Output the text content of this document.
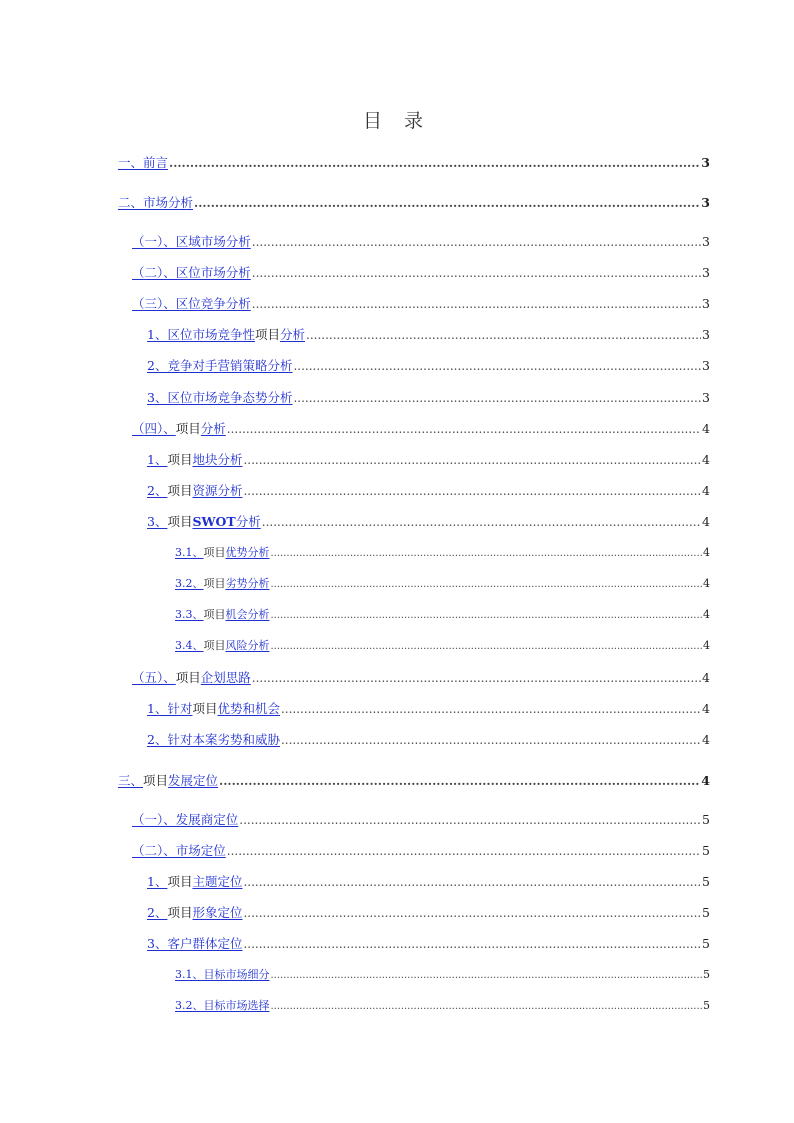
目 录
一、前言 .....	3
二、市场分析 .....	3
（一）、区域市场分析 .....	3
（二）、区位市场分析 .....	3
（三）、区位竞争分析 .....	3
1、区位市场竞争性 项目 分析 .....	3
2、竞争对手营销策略分析 .....	3
3、区位市场竞争态势分析 .....	3
（四）、 项目 分析 .....	4
1、 项目 地块分析 .....	4
2、 项目 资源分析 .....	4
3、 项目 SWOT 分析 .....	4
3.1、 项目 优势分析 .....	4
3.2、 项目 劣势分析 .....	4
3.3、 项目 机会分析 .....	4
3.4、 项目 风险分析 .....	4
（五）、 项目 企划思路 .....	4
1、针对 项目 优势和机会 .....	4
2、针对本案劣势和威胁 .....	4
三、 项目 发展定位 .....	4
（一）、发展商定位 .....	5
（二）、市场定位 .....	5
1、 项目 主题定位 .....	5
2、 项目 形象定位 .....	5
3、客户群体定位 .....	5
3.1、目标市场细分 .....	5
3.2、目标市场选择 .....	5
